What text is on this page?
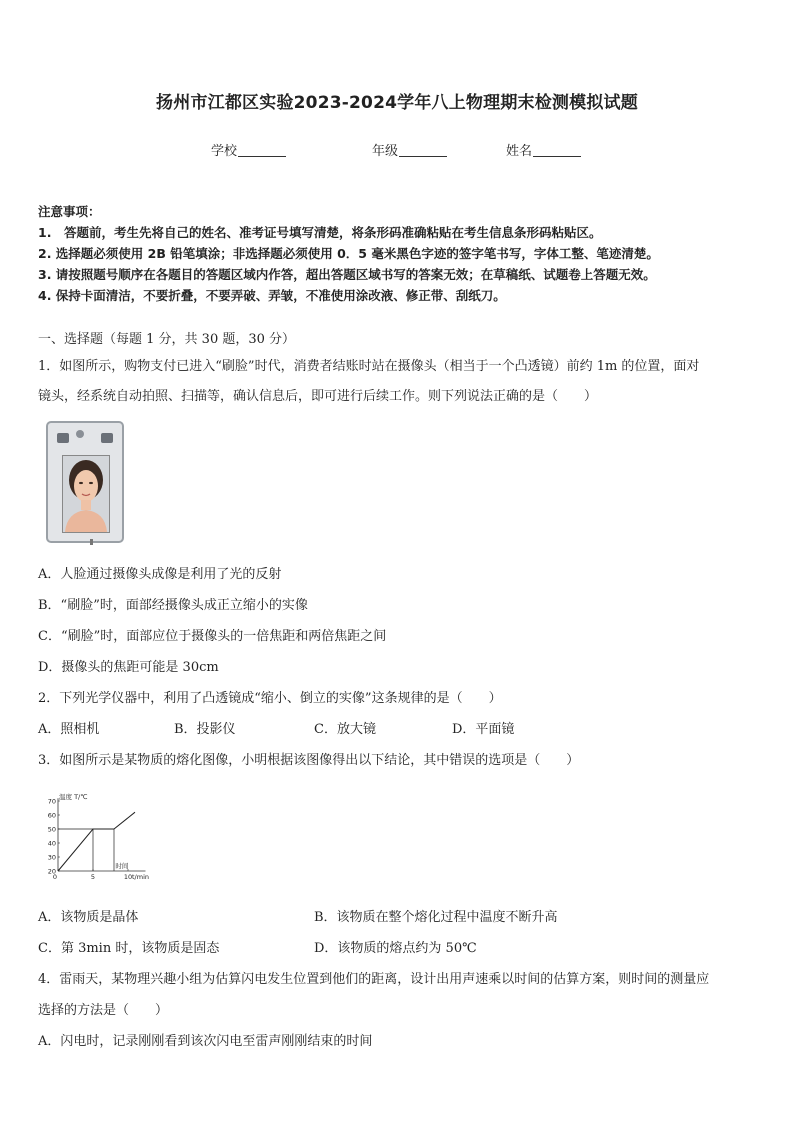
扬州市江都区实验2023-2024学年八上物理期末检测模拟试题
学校	年级	姓名
注意事项：
1.　答题前，考生先将自己的姓名、准考证号填写清楚，将条形码准确粘贴在考生信息条形码粘贴区。
2. 选择题必须使用 2B 铅笔填涂；非选择题必须使用 0．5 毫米黑色字迹的签字笔书写，字体工整、笔迹清楚。
3. 请按照题号顺序在各题目的答题区域内作答，超出答题区域书写的答案无效；在草稿纸、试题卷上答题无效。
4. 保持卡面清洁，不要折叠，不要弄破、弄皱，不准使用涂改液、修正带、刮纸刀。
一、选择题（每题 1 分，共 30 题，30 分）
1．如图所示，购物支付已进入“刷脸”时代，消费者结账时站在摄像头（相当于一个凸透镜）前约 1m 的位置，面对
镜头，经系统自动拍照、扫描等，确认信息后，即可进行后续工作。则下列说法正确的是（　　）
A．人脸通过摄像头成像是利用了光的反射
B．“刷脸”时，面部经摄像头成正立缩小的实像
C．“刷脸”时，面部应位于摄像头的一倍焦距和两倍焦距之间
D．摄像头的焦距可能是 30cm
2．下列光学仪器中，利用了凸透镜成“缩小、倒立的实像”这条规律的是（　　）
A．照相机	B．投影仪	C．放大镜	D．平面镜
3．如图所示是某物质的熔化图像，小明根据该图像得出以下结论，其中错误的选项是（　　）
20
30
40
50
60
70
0	5	10
温度 T/℃
时间
t/min
A．该物质是晶体	B．该物质在整个熔化过程中温度不断升高
C．第 3min 时，该物质是固态	D．该物质的熔点约为 50℃
4．雷雨天，某物理兴趣小组为估算闪电发生位置到他们的距离，设计出用声速乘以时间的估算方案，则时间的测量应
选择的方法是（　　）
A．闪电时，记录刚刚看到该次闪电至雷声刚刚结束的时间
